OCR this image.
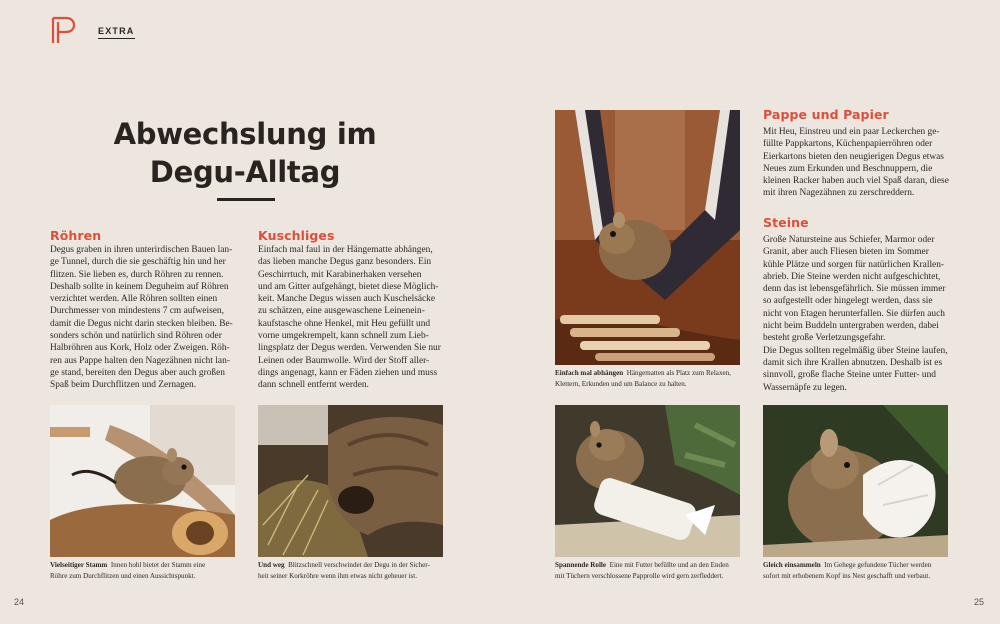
EXTRA
Abwechslung im
Degu-Alltag
Röhren

Degus graben in ihren unterirdischen Bauen lan-

ge Tunnel, durch die sie geschäftig hin und her

flitzen. Sie lieben es, durch Röhren zu rennen.

Deshalb sollte in keinem Deguheim auf Röhren

verzichtet werden. Alle Röhren sollten einen

Durchmesser von mindestens 7 cm aufweisen,

damit die Degus nicht darin stecken bleiben. Be-

sonders schön und natürlich sind Röhren oder

Halbröhren aus Kork, Holz oder Zweigen. Röh-

ren aus Pappe halten den Nagezähnen nicht lan-

ge stand, bereiten den Degus aber auch großen

Spaß beim Durchflitzen und Zernagen.

Kuschliges

Einfach mal faul in der Hängematte abhängen,

das lieben manche Degus ganz besonders. Ein

Geschirrtuch, mit Karabinerhaken versehen

und am Gitter aufgehängt, bietet diese Möglich-

keit. Manche Degus wissen auch Kuschelsäcke

zu schätzen, eine ausgewaschene Leinenein-

kaufstasche ohne Henkel, mit Heu gefüllt und

vorne umgekrempelt, kann schnell zum Lieb-

lingsplatz der Degus werden. Verwenden Sie nur

Leinen oder Baumwolle. Wird der Stoff aller-

dings angenagt, kann er Fäden ziehen und muss

dann schnell entfernt werden.

Einfach mal abhängen Hängematten als Platz zum Relaxen,
Klettern, Erkunden und um Balance zu halten.
Pappe und Papier

Mit Heu, Einstreu und ein paar Leckerchen ge-

füllte Pappkartons, Küchenpapierröhren oder

Eierkartons bieten den neugierigen Degus etwas

Neues zum Erkunden und Beschnuppern, die

kleinen Racker haben auch viel Spaß daran, diese

mit ihren Nagezähnen zu zerschreddern.

Steine

Große Natursteine aus Schiefer, Marmor oder

Granit, aber auch Fliesen bieten im Sommer

kühle Plätze und sorgen für natürlichen Krallen-

abrieb. Die Steine werden nicht aufgeschichtet,

denn das ist lebensgefährlich. Sie müssen immer

so aufgestellt oder hingelegt werden, dass sie

nicht von Etagen herunterfallen. Sie dürfen auch

nicht beim Buddeln untergraben werden, dabei

besteht große Verletzungsgefahr.

Die Degus sollten regelmäßig über Steine laufen,

damit sich ihre Krallen abnutzen. Deshalb ist es

sinnvoll, große flache Steine unter Futter- und

Wassernäpfe zu legen.

Vielseitiger Stamm Innen hohl bietet der Stamm eine
Röhre zum Durchflitzen und einen Aussichtspunkt.
Und weg Blitzschnell verschwindet der Degu in der Sicher-
heit seiner Korkröhre wenn ihm etwas nicht geheuer ist.
Spannende Rolle Eine mit Futter befüllte und an den Enden
mit Tüchern verschlossene Papprolle wird gern zerfleddert.
Gleich einsammeln Im Gehege gefundene Tücher werden
sofort mit erhobenem Kopf ins Nest geschafft und verbaut.
24	25
